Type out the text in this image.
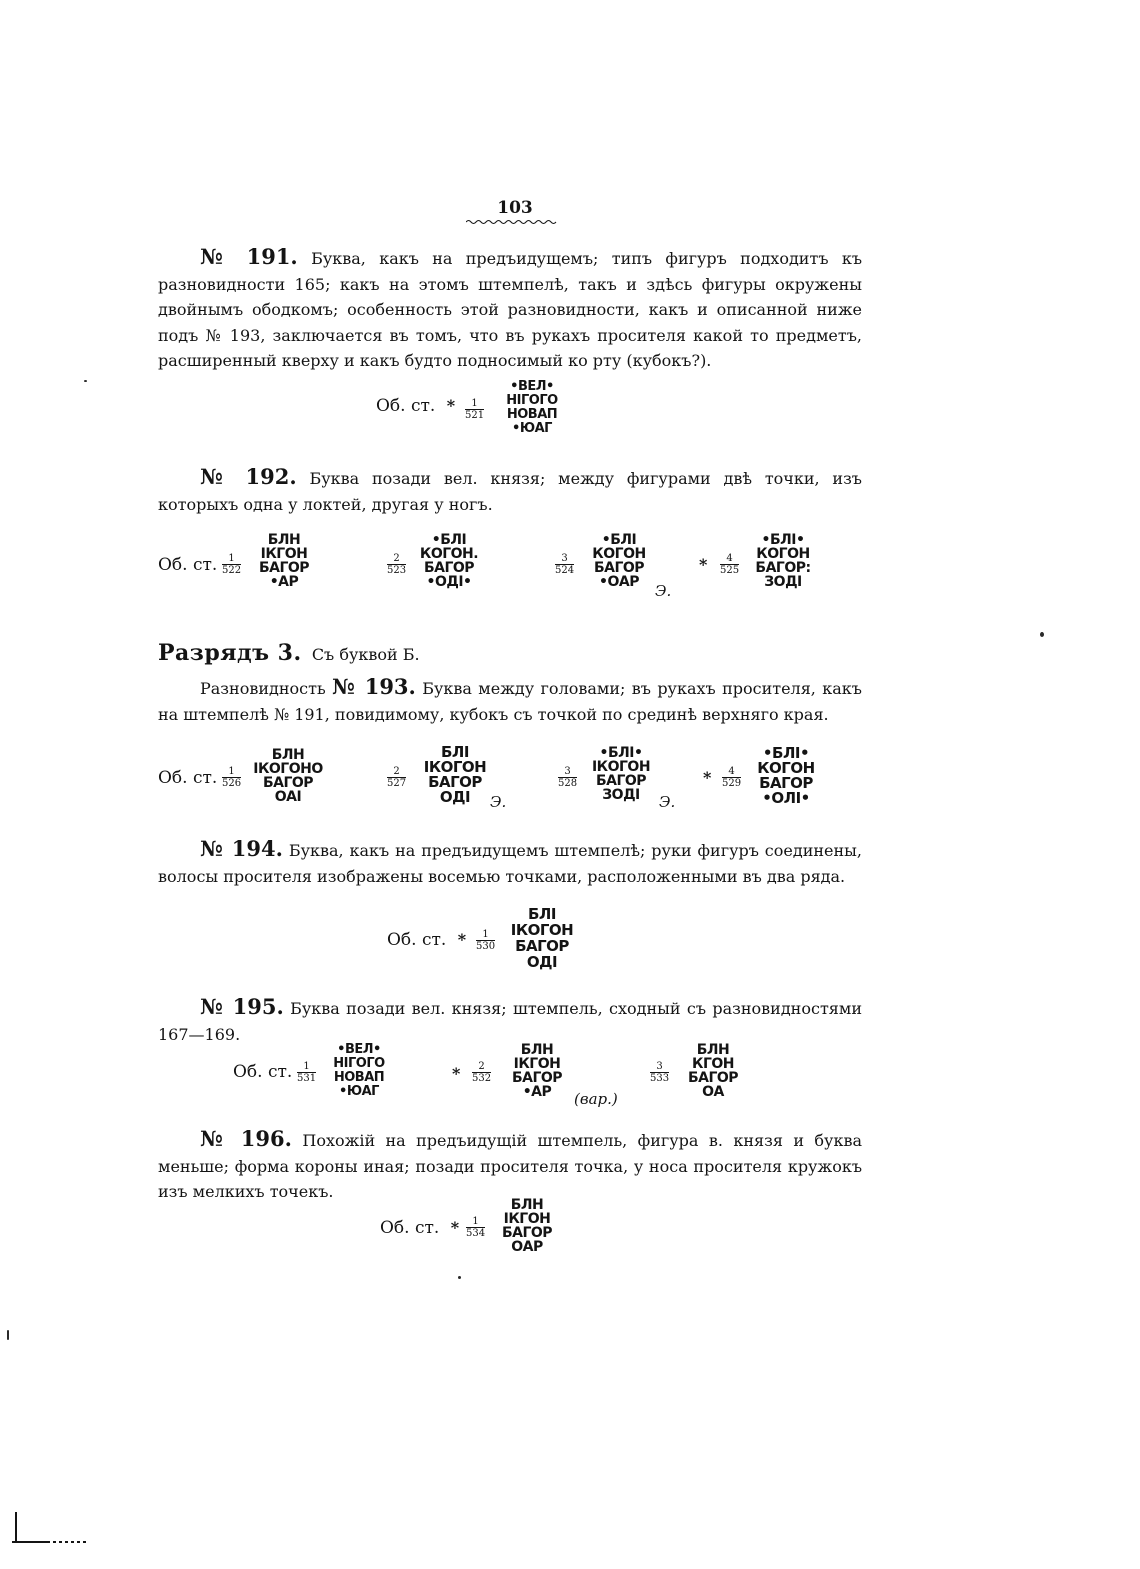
103
№ 191. Буква, какъ на предъидущемъ; типъ фигуръ подходитъ къ разновидности 165; какъ на этомъ штемпелѣ, такъ и здѣсь фигуры окружены двойнымъ ободкомъ; особенность этой разновидности, какъ и описанной ниже подъ № 193, заключается въ томъ, что въ рукахъ просителя какой то предметъ, расширенный кверху и какъ будто подносимый ко рту (кубокъ?).
Об. ст. * $\frac{1}{521}$
•ВЕЛ•
НІГОГО
НОВАП
•ЮАГ
№ 192. Буква позади вел. князя; между фигурами двѣ точки, изъ которыхъ одна у локтей, другая у ногъ.
Об. ст. $\frac{1}{522}$
БЛН
ІКГОН
БАГОР
•АР
$\frac{2}{523}$
•БЛІ
КОГОН.
БАГОР
•ОДІ•
$\frac{3}{524}$
•БЛІ
КОГОН
БАГОР
•ОАР	Э.
*	$\frac{4}{525}$
•БЛІ•
КОГОН
БАГОР:
ЗОДІ
Разрядъ 3. Съ буквой Б.
Разновидность № 193. Буква между головами; въ рукахъ просителя, какъ на штемпелѣ № 191, повидимому, кубокъ съ точкой по срединѣ верхняго края.
Об. ст. $\frac{1}{526}$
БЛН
ІКОГОНО
БАГОР
ОАІ
$\frac{2}{527}$
БЛІ
ІКОГОН
БАГОР
ОДІ	Э.
$\frac{3}{528}$
•БЛІ•
ІКОГОН
БАГОР
ЗОДІ	Э.
*	$\frac{4}{529}$
•БЛІ•
КОГОН
БАГОР
•ОЛІ•
№ 194. Буква, какъ на предъидущемъ штемпелѣ; руки фигуръ соединены, волосы просителя изображены восемью точками, расположенными въ два ряда.
Об. ст. * $\frac{1}{530}$
БЛІ
ІКОГОН
БАГОР
ОДІ
№ 195. Буква позади вел. князя; штемпель, сходный съ разновидностями 167—169.
Об. ст. $\frac{1}{531}$
•ВЕЛ•
НІГОГО
НОВАП
•ЮАГ
*	$\frac{2}{532}$
БЛН
ІКГОН
БАГОР
•АР	(вар.)
$\frac{3}{533}$
БЛН
КГОН
БАГОР
ОА
№ 196. Похожій на предъидущій штемпель, фигура в. князя и буква меньше; форма короны иная; позади просителя точка, у носа просителя кружокъ изъ мелкихъ точекъ.
Об. ст. * $\frac{1}{534}$
БЛН
ІКГОН
БАГОР
ОАР
